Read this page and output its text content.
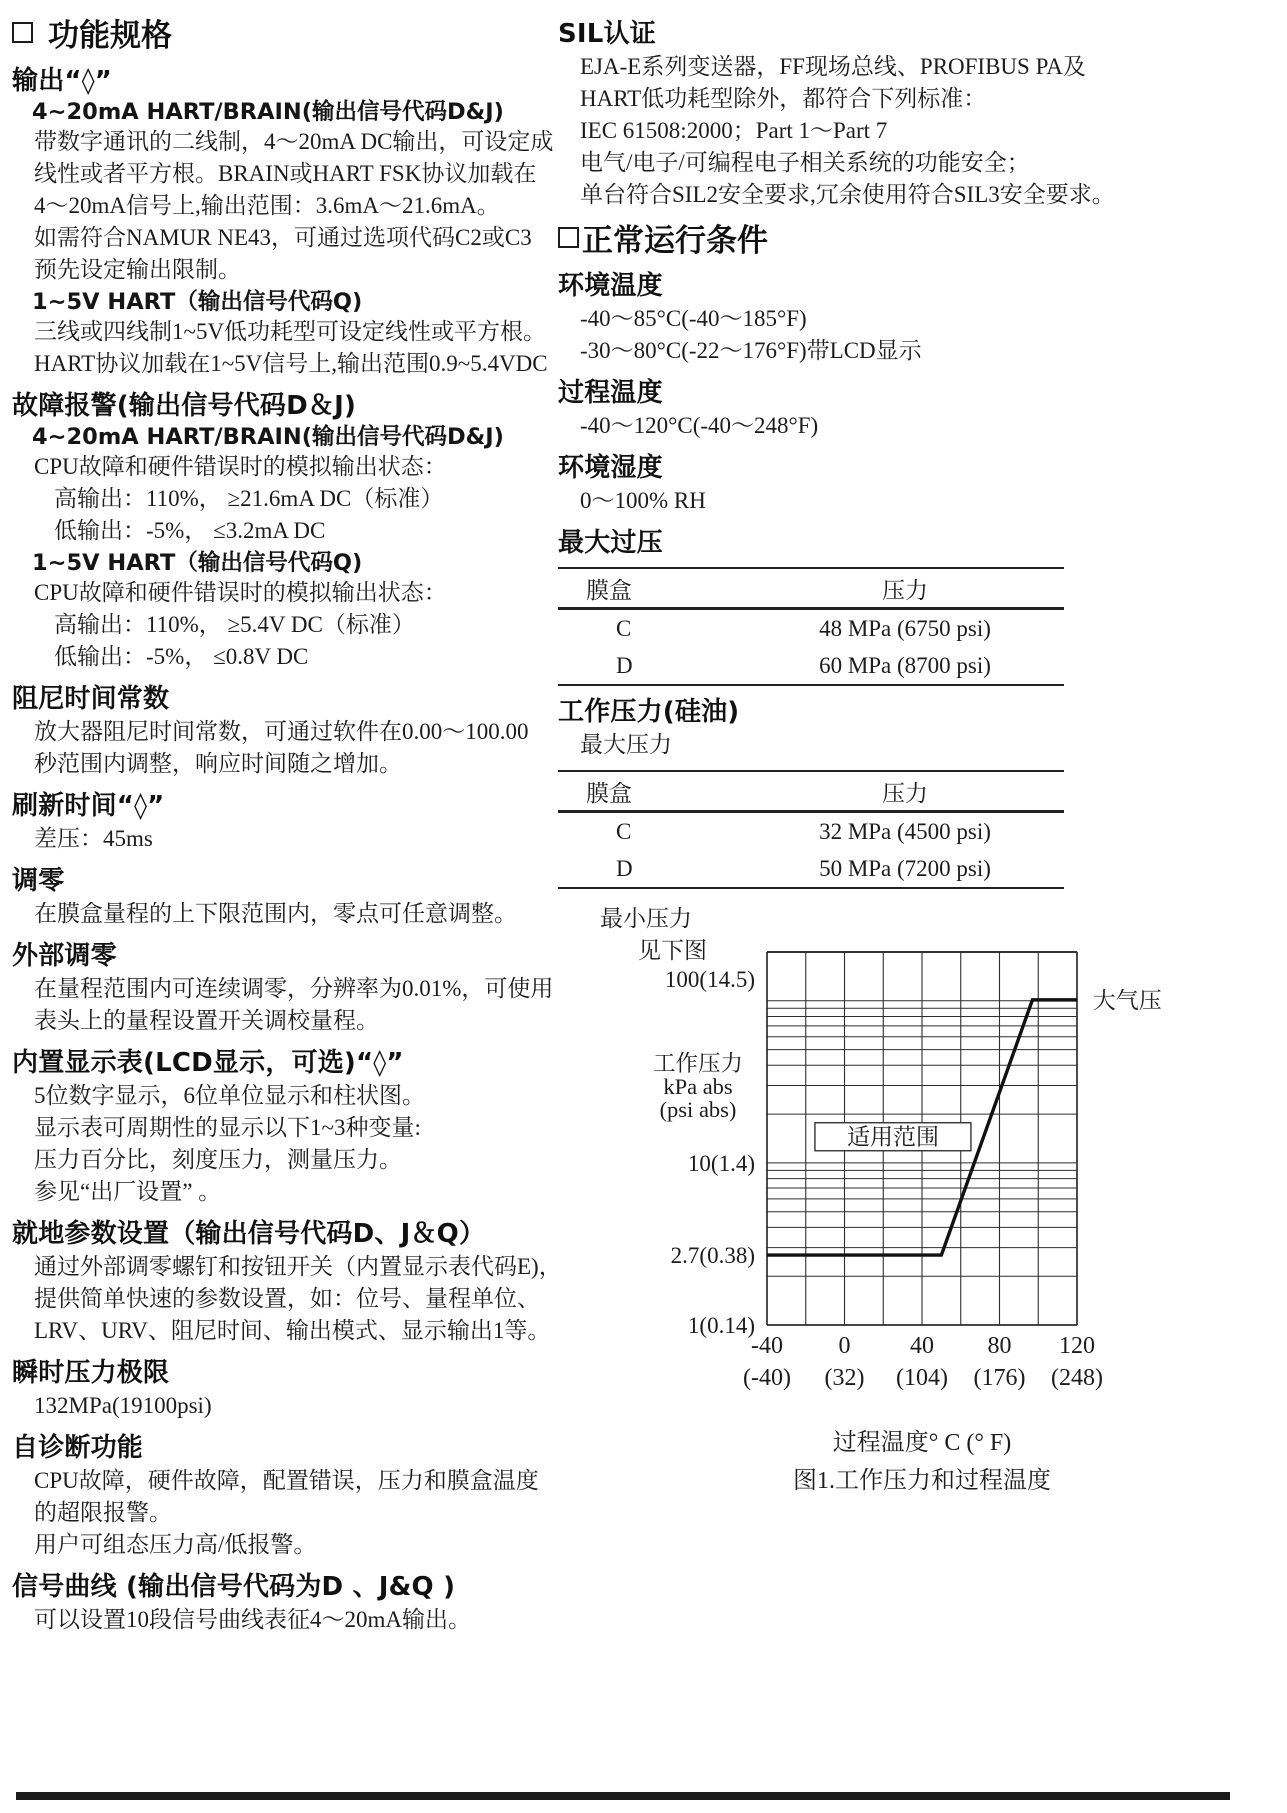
功能规格
输出“◊”
4~20mA HART/BRAIN(输出信号代码D&J)
带数字通讯的二线制，4～20mA DC输出，可设定成
线性或者平方根。BRAIN或HART FSK协议加载在
4～20mA信号上,输出范围：3.6mA～21.6mA。
如需符合NAMUR NE43，可通过选项代码C2或C3
预先设定输出限制。
1~5V HART（输出信号代码Q)
三线或四线制1~5V低功耗型可设定线性或平方根。
HART协议加载在1~5V信号上,输出范围0.9~5.4VDC
故障报警(输出信号代码D＆J)
4~20mA HART/BRAIN(输出信号代码D&J)
CPU故障和硬件错误时的模拟输出状态：
高输出：110%， ≥21.6mA DC（标准）
低输出：-5%， ≤3.2mA DC
1~5V HART（输出信号代码Q)
CPU故障和硬件错误时的模拟输出状态：
高输出：110%， ≥5.4V DC（标准）
低输出：-5%， ≤0.8V DC
阻尼时间常数
放大器阻尼时间常数，可通过软件在0.00～100.00
秒范围内调整，响应时间随之增加。
刷新时间“◊”
差压：45ms
调零
在膜盒量程的上下限范围内，零点可任意调整。
外部调零
在量程范围内可连续调零，分辨率为0.01%，可使用
表头上的量程设置开关调校量程。
内置显示表(LCD显示，可选)“◊”
5位数字显示，6位单位显示和柱状图。
显示表可周期性的显示以下1~3种变量:
压力百分比，刻度压力，测量压力。
参见“出厂设置” 。
就地参数设置（输出信号代码D、J＆Q）
通过外部调零螺钉和按钮开关（内置显示表代码E)，
提供简单快速的参数设置，如：位号、量程单位、
LRV、URV、阻尼时间、输出模式、显示输出1等。
瞬时压力极限
132MPa(19100psi)
自诊断功能
CPU故障，硬件故障，配置错误，压力和膜盒温度
的超限报警。
用户可组态压力高/低报警。
信号曲线 (输出信号代码为D 、J&Q )
可以设置10段信号曲线表征4～20mA输出。
SIL认证
EJA-E系列变送器，FF现场总线、PROFIBUS PA及
HART低功耗型除外，都符合下列标准：
IEC 61508:2000；Part 1～Part 7
电气/电子/可编程电子相关系统的功能安全；
单台符合SIL2安全要求,冗余使用符合SIL3安全要求。
正常运行条件
环境温度
-40～85°C(-40～185°F)
-30～80°C(-22～176°F)带LCD显示
过程温度
-40～120°C(-40～248°F)
环境湿度
0～100% RH
最大过压
膜盒	压力
C	48 MPa (6750 psi)
D	60 MPa (8700 psi)
工作压力(硅油)
最大压力
膜盒	压力
C	32 MPa (4500 psi)
D	50 MPa (7200 psi)
最小压力
见下图
1(0.14)
2.7(0.38)
10(1.4)
100(14.5)
工作压力
kPa abs
(psi abs)
-40
(-40)
0
(32)
40
(104)
80
(176)
120
(248)
适用范围
大气压
过程温度° C (° F)
图1.工作压力和过程温度
